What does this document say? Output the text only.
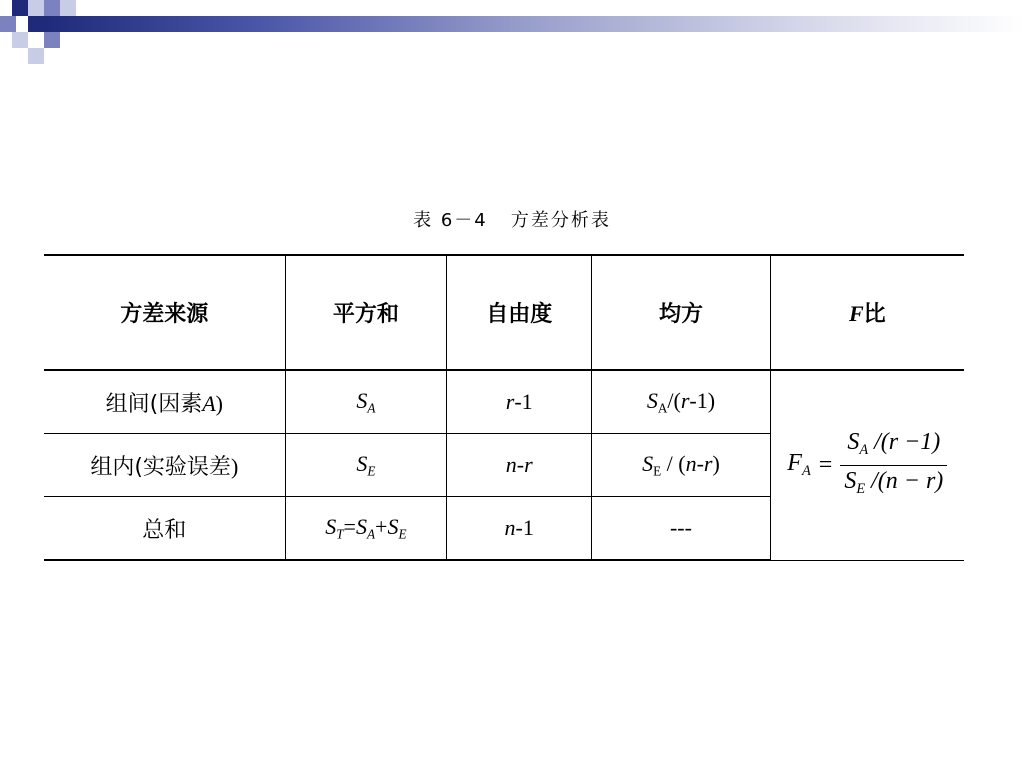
表 6－4   方差分析表
方差来源	平方和	自由度	均方	F比
组间(因素A)	$S_A$	r-1	$S_A/(r-1)$	$F_A = \frac{S_A /(r -1)}{S_E /(n - r)}$

组内(实验误差)	$S_E$	n-r	$S_E / (n-r)$	
总和	$S_T=S_A+S_E$	n-1	---	
